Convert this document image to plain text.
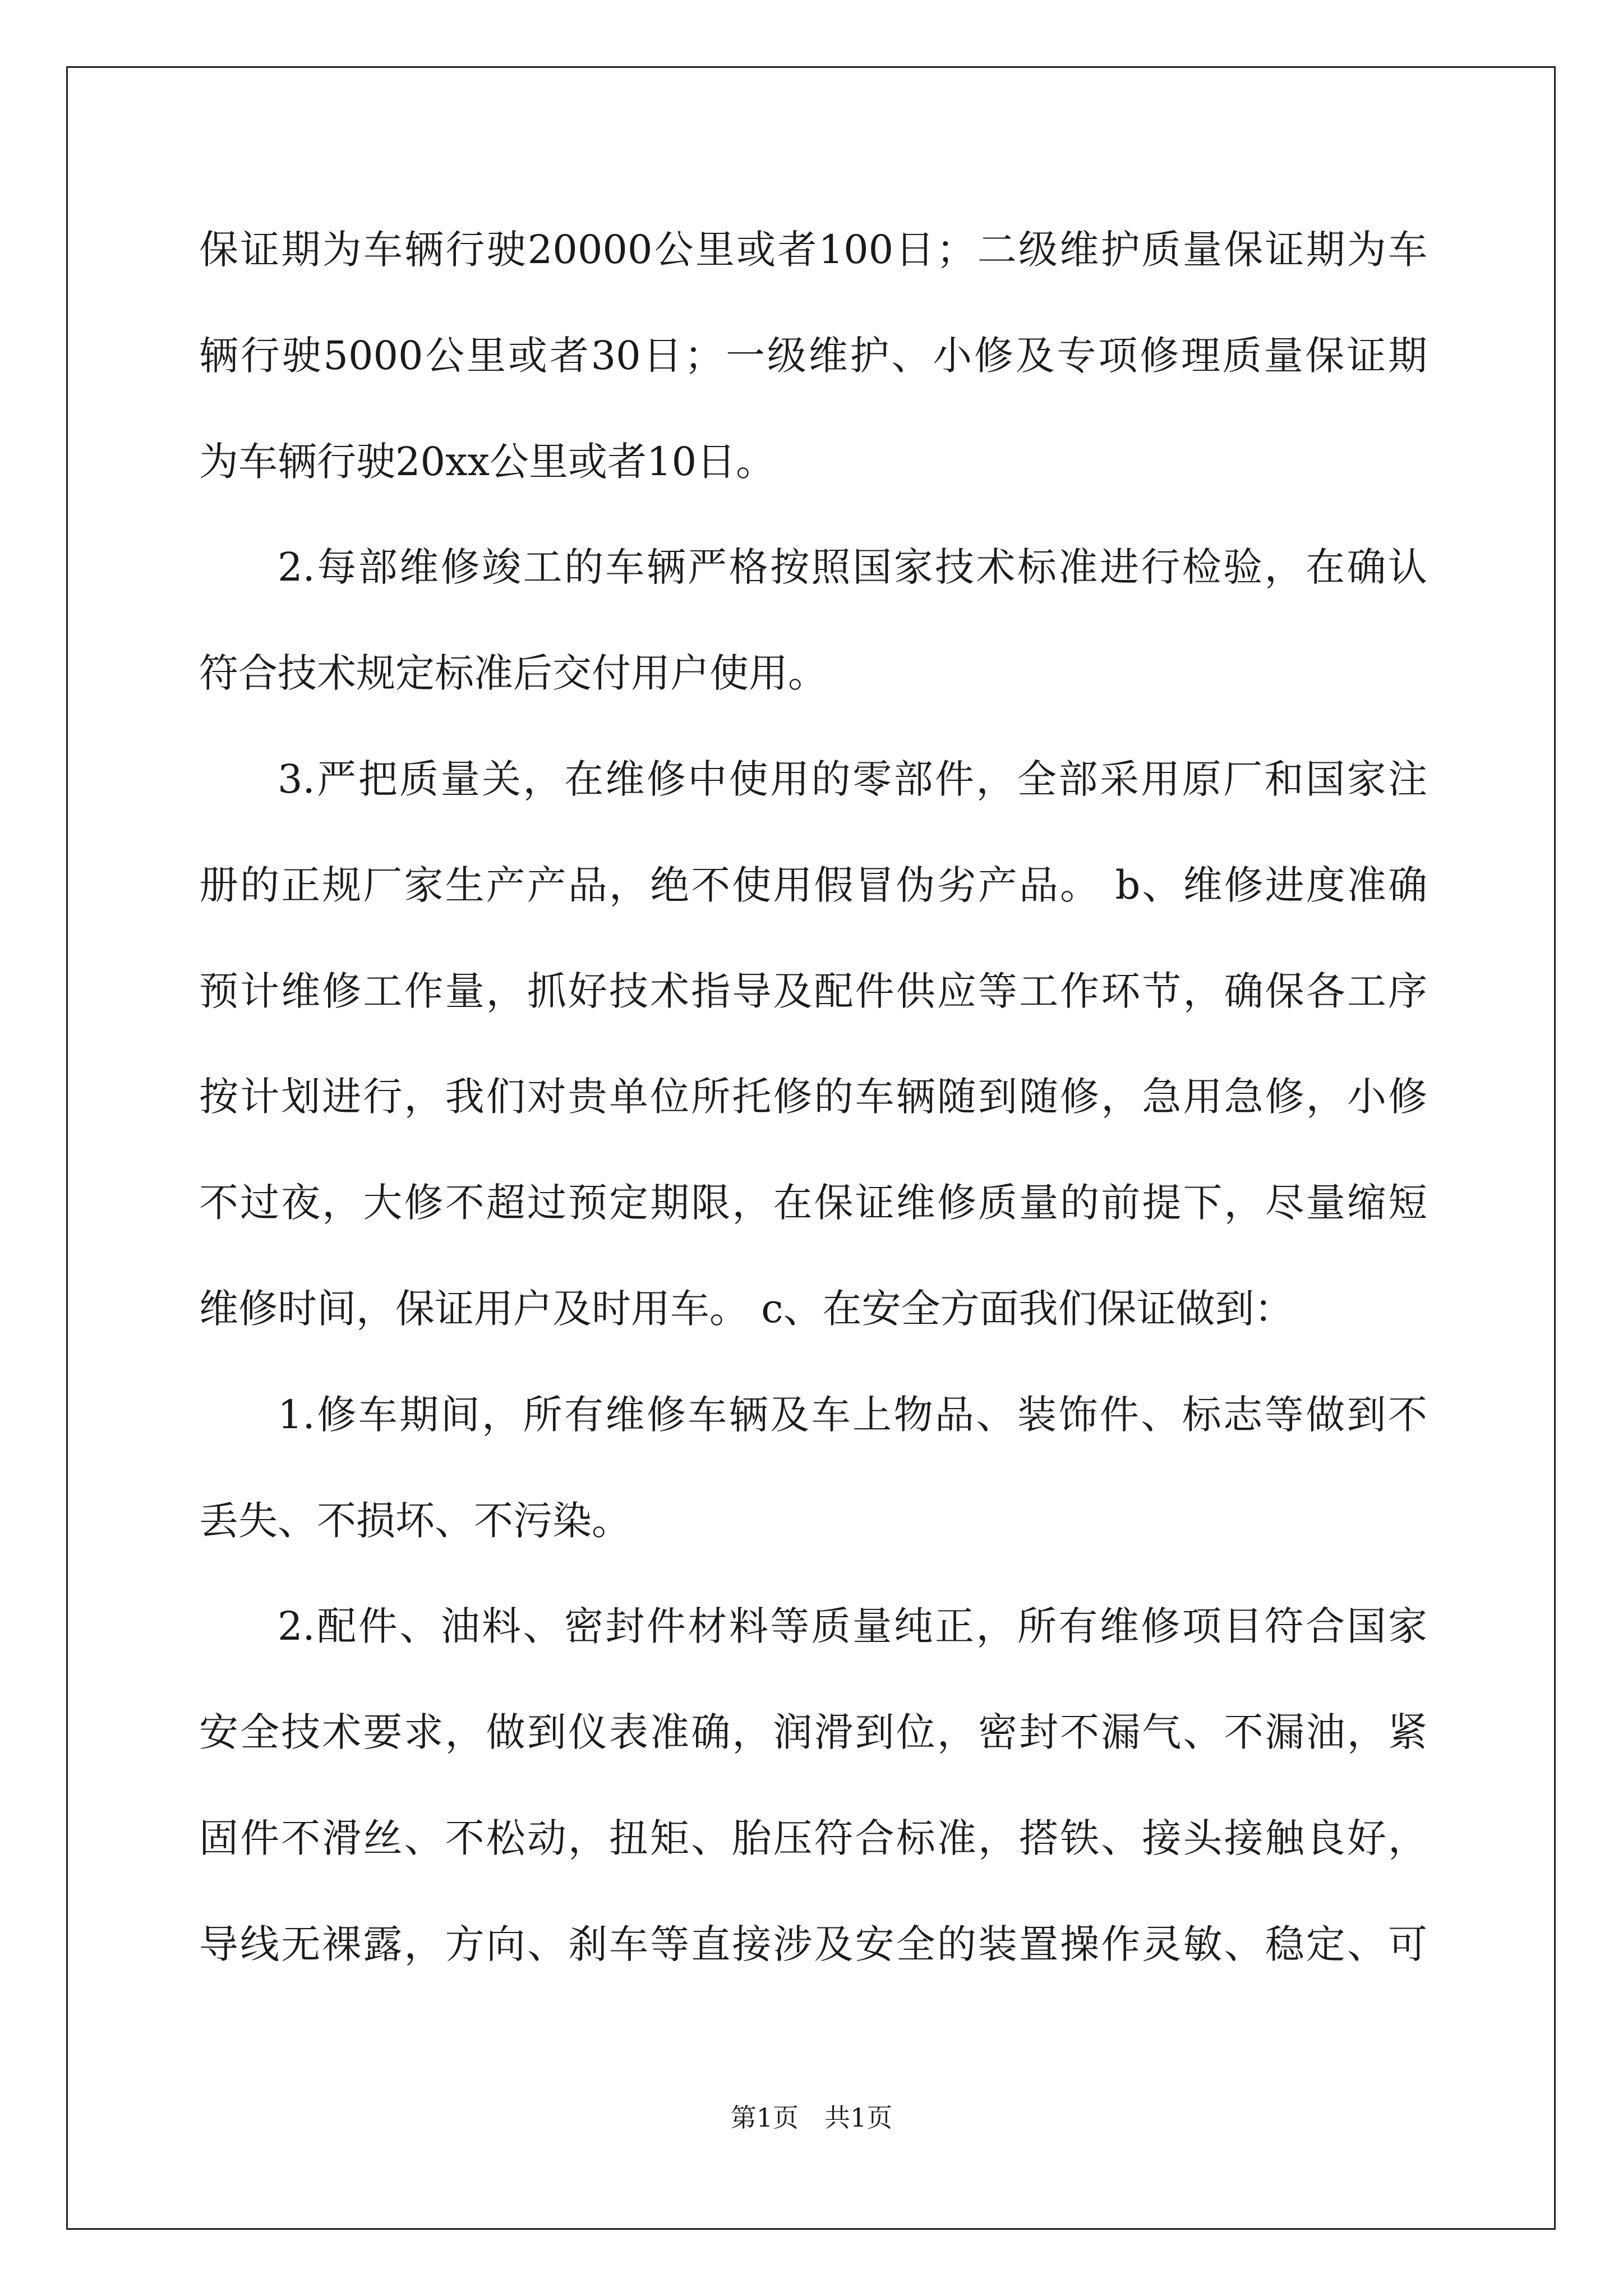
保证期为车辆行驶20000公里或者100日；二级维护质量保证期为车
辆行驶5000公里或者30日；一级维护、小修及专项修理质量保证期
为车辆行驶20xx公里或者10日。
2.每部维修竣工的车辆严格按照国家技术标准进行检验，在确认
符合技术规定标准后交付用户使用。
3.严把质量关，在维修中使用的零部件，全部采用原厂和国家注
册的正规厂家生产产品，绝不使用假冒伪劣产品。 b、维修进度准确
预计维修工作量，抓好技术指导及配件供应等工作环节，确保各工序
按计划进行，我们对贵单位所托修的车辆随到随修，急用急修，小修
不过夜，大修不超过预定期限，在保证维修质量的前提下，尽量缩短
维修时间，保证用户及时用车。 c、在安全方面我们保证做到：
1.修车期间，所有维修车辆及车上物品、装饰件、标志等做到不
丢失、不损坏、不污染。
2.配件、油料、密封件材料等质量纯正，所有维修项目符合国家
安全技术要求，做到仪表准确，润滑到位，密封不漏气、不漏油，紧
固件不滑丝、不松动，扭矩、胎压符合标准，搭铁、接头接触良好，
导线无裸露，方向、刹车等直接涉及安全的装置操作灵敏、稳定、可
第1页 共1页
